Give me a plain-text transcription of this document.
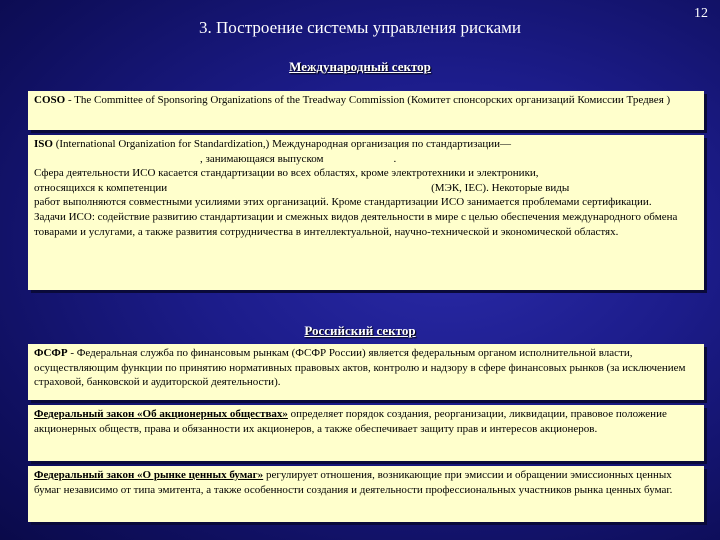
3. Построение системы управления рисками
12
Международный сектор

COSO - The Committee of Sponsoring Organizations of the Treadway Commission (Комитет спонсорских организаций Комиссии Тредвея )

ISO (International Organization for Standardization,) Международная организация по стандартизации—

, занимающаяся выпуском	.

Сфера деятельности ИСО касается стандартизации во всех областях, кроме электротехники и электроники,

относящихся к компетенции	(МЭК, IEC). Некоторые виды

работ выполняются совместными усилиями этих организаций. Кроме стандартизации ИСО занимается проблемами сертификации.

Задачи ИСО: содействие развитию стандартизации и смежных видов деятельности в мире с целью обеспечения международного обмена товарами и услугами, а также развития сотрудничества в интеллектуальной, научно-технической и экономической областях.

Российский сектор

ФСФР - Федеральная служба по финансовым рынкам (ФСФР России) является федеральным органом исполнительной власти, осуществляющим функции по принятию нормативных правовых актов, контролю и надзору в сфере финансовых рынков (за исключением страховой, банковской и аудиторской деятельности).

Федеральный закон «Об акционерных обществах» определяет порядок создания, реорганизации, ликвидации, правовое положение акционерных обществ, права и обязанности их акционеров, а также обеспечивает защиту прав и интересов акционеров.

Федеральный закон «О рынке ценных бумаг» регулирует отношения, возникающие при эмиссии и обращении эмиссионных ценных бумаг независимо от типа эмитента, а также особенности создания и деятельности профессиональных участников рынка ценных бумаг.
